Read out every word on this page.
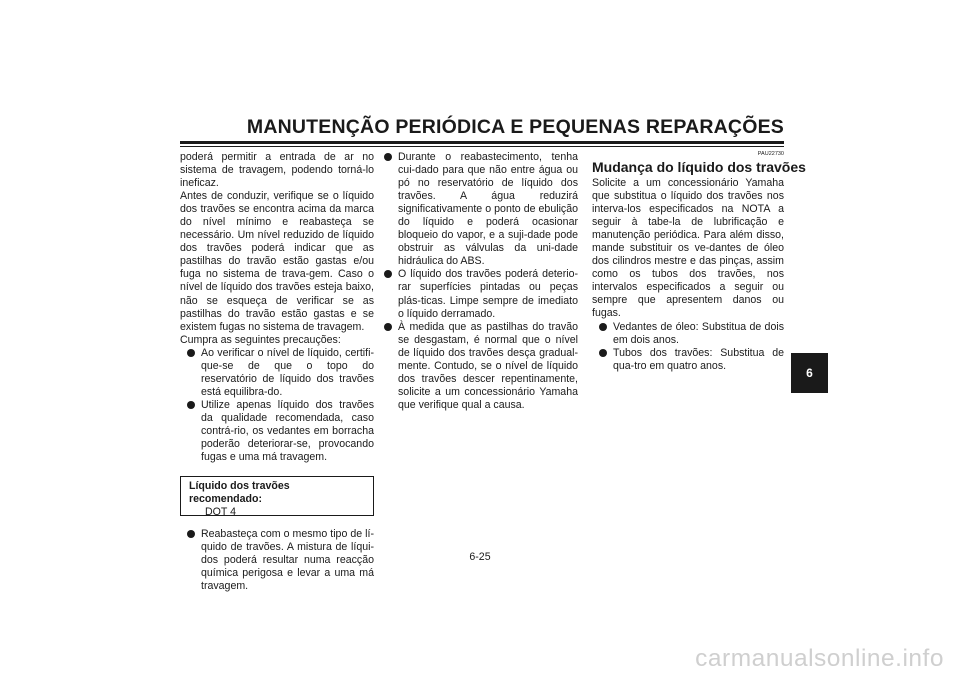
MANUTENÇÃO PERIÓDICA E PEQUENAS REPARAÇÕES

poderá permitir a entrada de ar no sistema de travagem, podendo torná-lo ineficaz.

Antes de conduzir, verifique se o líquido dos travões se encontra acima da marca do nível mínimo e reabasteça se necessário. Um nível reduzido de líquido dos travões poderá indicar que as pastilhas do travão estão gastas e/ou fuga no sistema de trava-gem. Caso o nível de líquido dos travões esteja baixo, não se esqueça de verificar se as pastilhas do travão estão gastas e se existem fugas no sistema de travagem.

Cumpra as seguintes precauções:

Ao verificar o nível de líquido, certifi-que-se de que o topo do reservatório de líquido dos travões está equilibra-do.
Utilize apenas líquido dos travões da qualidade recomendada, caso contrá-rio, os vedantes em borracha poderão deteriorar-se, provocando fugas e uma má travagem.
Líquido dos travões recomendado:
DOT 4
Reabasteça com o mesmo tipo de lí-quido de travões. A mistura de líqui-dos poderá resultar numa reacção química perigosa e levar a uma má travagem.
Durante o reabastecimento, tenha cui-dado para que não entre água ou pó no reservatório de líquido dos travões. A água reduzirá significativamente o ponto de ebulição do líquido e poderá ocasionar bloqueio do vapor, e a suji-dade pode obstruir as válvulas da uni-dade hidráulica do ABS.
O líquido dos travões poderá deterio-rar superfícies pintadas ou peças plás-ticas. Limpe sempre de imediato o líquido derramado.
À medida que as pastilhas do travão se desgastam, é normal que o nível de líquido dos travões desça gradual-mente. Contudo, se o nível de líquido dos travões descer repentinamente, solicite a um concessionário Yamaha que verifique qual a causa.
PAU22730
Mudança do líquido dos travões

Solicite a um concessionário Yamaha que substitua o líquido dos travões nos interva-los especificados na NOTA a seguir à tabe-la de lubrificação e manutenção periódica. Para além disso, mande substituir os ve-dantes de óleo dos cilindros mestre e das pinças, assim como os tubos dos travões, nos intervalos especificados a seguir ou sempre que apresentem danos ou fugas.

Vedantes de óleo: Substitua de dois em dois anos.
Tubos dos travões: Substitua de qua-tro em quatro anos.
6-25
6
carmanualsonline.info
